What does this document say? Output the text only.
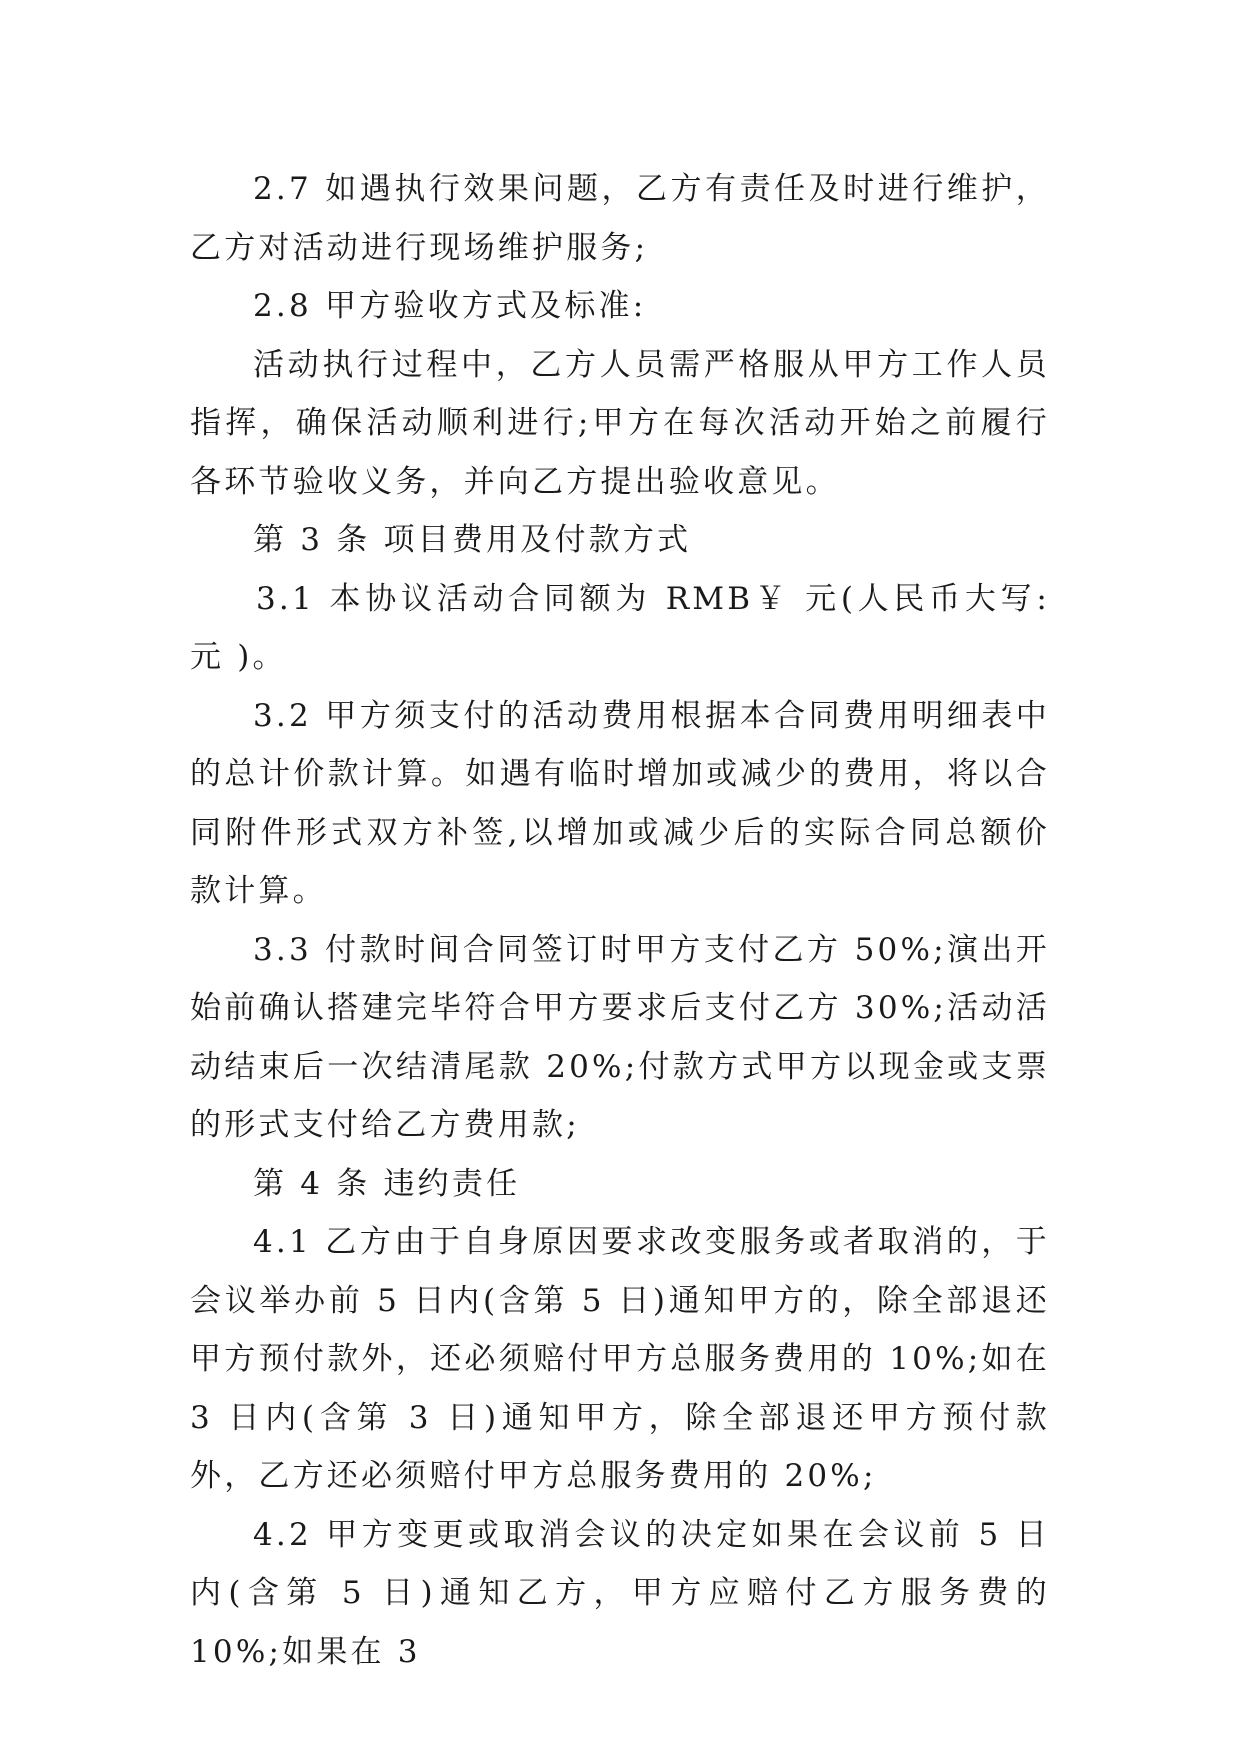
2.7 如遇执行效果问题，乙方有责任及时进行维护，乙方对活动进行现场维护服务;

2.8 甲方验收方式及标准:

活动执行过程中，乙方人员需严格服从甲方工作人员指挥，确保活动顺利进行;甲方在每次活动开始之前履行各环节验收义务，并向乙方提出验收意见。

第 3 条 项目费用及付款方式

3.1 本协议活动合同额为 RMB￥ 元(人民币大写:元 )。

3.2 甲方须支付的活动费用根据本合同费用明细表中的总计价款计算。如遇有临时增加或减少的费用，将以合同附件形式双方补签,以增加或减少后的实际合同总额价款计算。

3.3 付款时间合同签订时甲方支付乙方 50%;演出开始前确认搭建完毕符合甲方要求后支付乙方 30%;活动活动结束后一次结清尾款 20%;付款方式甲方以现金或支票的形式支付给乙方费用款;

第 4 条 违约责任

4.1 乙方由于自身原因要求改变服务或者取消的，于会议举办前 5 日内(含第 5 日)通知甲方的，除全部退还甲方预付款外，还必须赔付甲方总服务费用的 10%;如在 3 日内(含第 3 日)通知甲方，除全部退还甲方预付款外，乙方还必须赔付甲方总服务费用的 20%;

4.2 甲方变更或取消会议的决定如果在会议前 5 日内(含第 5 日)通知乙方，甲方应赔付乙方服务费的 10%;如果在 3
